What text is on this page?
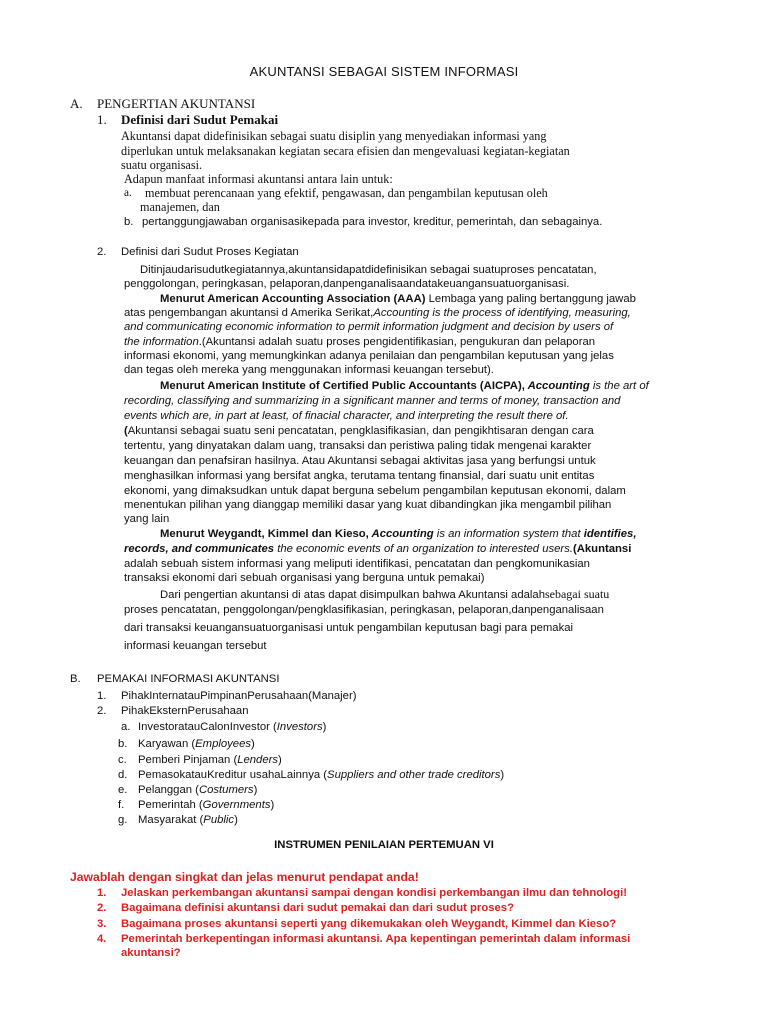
AKUNTANSI SEBAGAI SISTEM INFORMASI
A. PENGERTIAN AKUNTANSI
1. Definisi dari Sudut Pemakai
Akuntansi dapat didefinisikan sebagai suatu disiplin yang menyediakan informasi yang
diperlukan untuk melaksanakan kegiatan secara efisien dan mengevaluasi kegiatan-kegiatan
suatu organisasi.
Adapun manfaat informasi akuntansi antara lain untuk:
a. membuat perencanaan yang efektif, pengawasan, dan pengambilan keputusan oleh
manajemen, dan
b. pertanggungjawaban organisasikepada para investor, kreditur, pemerintah, dan sebagainya.
2. Definisi dari Sudut Proses Kegiatan
Ditinjaudarisudutkegiatannya,akuntansidapatdidefinisikan sebagai suatuproses pencatatan,
penggolongan, peringkasan, pelaporan,danpenganalisaandatakeuangansuatuorganisasi.
Menurut American Accounting Association (AAA) Lembaga yang paling bertanggung jawab
atas pengembangan akuntansi d Amerika Serikat,Accounting is the process of identifying, measuring,
and communicating economic information to permit information judgment and decision by users of
the information.(Akuntansi adalah suatu proses pengidentifikasian, pengukuran dan pelaporan
informasi ekonomi, yang memungkinkan adanya penilaian dan pengambilan keputusan yang jelas
dan tegas oleh mereka yang menggunakan informasi keuangan tersebut).
Menurut American Institute of Certified Public Accountants (AICPA), Accounting is the art of
recording, classifying and summarizing in a significant manner and terms of money, transaction and
events which are, in part at least, of finacial character, and interpreting the result there of.
(Akuntansi sebagai suatu seni pencatatan, pengklasifikasian, dan pengikhtisaran dengan cara
tertentu, yang dinyatakan dalam uang, transaksi dan peristiwa paling tidak mengenai karakter
keuangan dan penafsiran hasilnya. Atau Akuntansi sebagai aktivitas jasa yang berfungsi untuk
menghasilkan informasi yang bersifat angka, terutama tentang finansial, dari suatu unit entitas
ekonomi, yang dimaksudkan untuk dapat berguna sebelum pengambilan keputusan ekonomi, dalam
menentukan pilihan yang dianggap memiliki dasar yang kuat dibandingkan jika mengambil pilihan
yang lain
Menurut Weygandt, Kimmel dan Kieso, Accounting is an information system that identifies,
records, and communicates the economic events of an organization to interested users.(Akuntansi
adalah sebuah sistem informasi yang meliputi identifikasi, pencatatan dan pengkomunikasian
transaksi ekonomi dari sebuah organisasi yang berguna untuk pemakai)
Dari pengertian akuntansi di atas dapat disimpulkan bahwa Akuntansi adalahsebagai suatu
proses pencatatan, penggolongan/pengklasifikasian, peringkasan, pelaporan,danpenganalisaan
dari transaksi keuangansuatuorganisasi untuk pengambilan keputusan bagi para pemakai
informasi keuangan tersebut
B. PEMAKAI INFORMASI AKUNTANSI
1. PihakInternatauPimpinanPerusahaan(Manajer)
2. PihakEksternPerusahaan
a. InvestoratauCalonInvestor (Investors)
b. Karyawan (Employees)
c. Pemberi Pinjaman (Lenders)
d. PemasokatauKreditur usahaLainnya (Suppliers and other trade creditors)
e. Pelanggan (Costumers)
f. Pemerintah (Governments)
g. Masyarakat (Public)
INSTRUMEN PENILAIAN PERTEMUAN VI
Jawablah dengan singkat dan jelas menurut pendapat anda!
1. Jelaskan perkembangan akuntansi sampai dengan kondisi perkembangan ilmu dan tehnologi!
2. Bagaimana definisi akuntansi dari sudut pemakai dan dari sudut proses?
3. Bagaimana proses akuntansi seperti yang dikemukakan oleh Weygandt, Kimmel dan Kieso?
4. Pemerintah berkepentingan informasi akuntansi. Apa kepentingan pemerintah dalam informasi
akuntansi?
